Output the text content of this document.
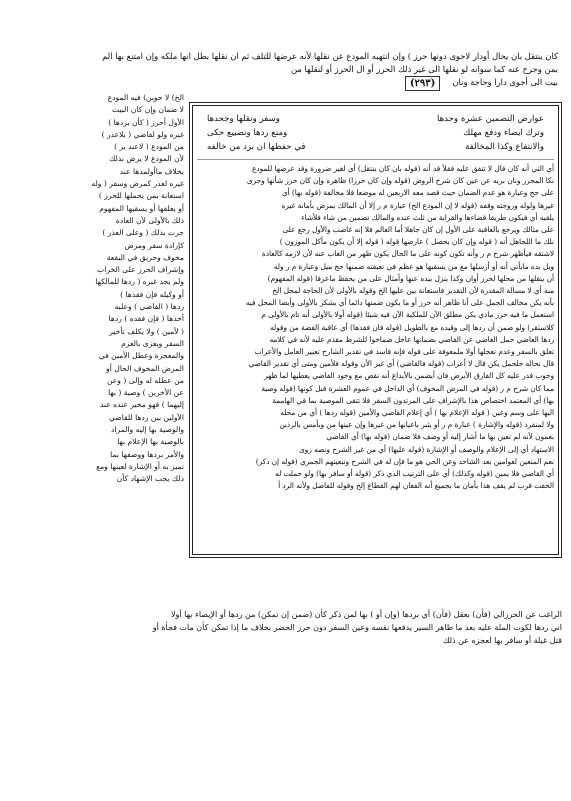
كان ينتقل بان يحال أودار لاحوى دونها حرز ) وإن انتهبه المودع عن نقلها لأنه عرضها للتلف ثم ان نقلها بطل انها ملكه وإن امتنع بها الم
بمن وجرح عنه كما سوانه لو نقلها الى غير ذلك الحرز أو ال الحرز أو لنقلها من
بيت الى أجوى دارا وحاجة ونان
(٢٩٣)
عوارض التضمين عشرة وحدها
وسفر ونقلها وجحدها
وترك ايصاء ودفع مهلك
ومنع ردها وتضييع حكى
والانتفاع وكذا المخالفة
في حفظها ان بزد من خالفه

أي التي أنه كان قال لا تتفق عليه فقلأ قد أنه (قوله بان كان ينتقل) أي لغير ضرورة وقد عرضها للمودع

نكا المحرز ونان بريه عن عين كان شرح الروض (قوله وإن كان حرزا) ظاهره وإن كان حرز شأنها وجرى

على حج وعبارة هو عدم الضمان حيث قصد معه الاربعين له موضعا فلا مخالفة (قوله بها) أي

غيرها ولوله وزوجته وقفه (قوله لا إن المودع الخ) عبارة م ر إلا أن المالك بمرض بأمانة غيره

يلقيه أي فيكون طريقا قضاءها والقرابة من ثلث عنده والمالك تضمين من شاء فلأشاء

على مثالك ويرجع بالعاقبة على الأول إن كان جاهلا أما العالم فلا إنه غاصب والأول رجع على

نلك ما اللجاهل أنه ( قوله وإن كان يحصل ) عارضها قوله ( قوله إلا أن يكون مأكل الموزون )

لاشتقه فيأظهر شرح م ر وأنه تكون كونه على ما الحال يكون ظهر من الغاب عنه لأن لازمه كالعادة

ويل بده مايأتي أنه أو أرسلها مع من يسقيها هو عظم في تعيقته ضمنها حج ميل وعبارة م ر وله

أن ينقلها من محلها لحرز أوان وكذا بنزل بيده عنها وأمثال على من يحفظ ماعرفا (قوله المفهوم)

منه أي لا مسالة المقدرة لأن التقدير فاستعانة بين عليها الخ وقوله بالأولى لأن الحاجة لمحل الخ

بأنه يكن مخالف الجمل على أنا ظاهر أنه حرز أو ما يكون ضمنها دائما أي يشكر بالأولى وأيضا المحل فيه

استعمل ما فيه حرز مادي يكن مطلق الآن للملكية الآن فيه شيئا (قوله أولا بالأولى أنه تام بالأولى م

كلاستقر) ولو ضمن أن ردها إلى وقيده مع بالطويل (قوله فان فقدها) أي عاقبة الفضة من وقوله

ردها الغاضي حمل الغاضي عن القاضي بضمانها عاجل ضماخوا للشرط مقدم عليه لأنه في كلامه

تعلق بالسفر وعدم تعجلها أولا ملمعوفة على قوله فإنه فاسد في تقدير الشارح تعبير العامل والأعراب

قال نحاله حلحمل يكن قال لا أعراب (قوله فالقاضي) أي غير الأن وقوله فلأمين ومتى أي تقدير القاضي

وجوب قدر عليه كل الفارق الأيرض فان أيضمن بالأيداع أنه نقص مع وجود القاضي يعطيها لما ظهر

مما كان شرح م ر (قوله في المرض المخوف) أي الداخل في عموم العشرة قبل كونها (قوله وصية

بها) أي المعتمد اختصاص هذا بالإشراف على المرتدون السفر فلا تتقى الموصية بما في الهاممة

اليها على وسم وعين ( قوله الإعلام بها ) أي إعلام القاضي والأمين (قوله ردها ) أي من محله

ولا لمنفرد (قوله والإشارة ) عبارة م ر أو يثبر باعيانها من غيرها وإن عينها من وبأمس بالرذين

بعمون لأنه لم تعين بها ما أشار إليه أو وصف فلا ضمان (قوله بها) أي القاضي

الاستهاد أي إلى الإعلام والوصف أو الإشارة (قوله عليها) أي من غير الشرح ونصه زوى

نعم المتعين لعوامين بعد الشاحد وعن الحي هو ما فإن له في الشرح وتبعيتهم الجمري (قوله إن ذكر)

أي القاضي فلا يمين (قوله وكذلك) أي على الترتيب الذي ذكر (قوله أو سافر بها) ولو حملت له

الخفت قرب لم يقف هذا بأمان ما بجميع أنه الفعان لهم القطاع إلخ وقوله للفاضل ولأنه الرد أ

الخ) لا حوبن) فيه المودع

لا ضمان وإن كان البيت

الأول أحرز ( كأن يردها )

غيره ولو لقاضي ( بلاعذر )

من المودع ( لاعند بر )

لأن المودع لا يرض بذلك

بخلاف ماأولمدها عند

غيره لعذر كمرض وسفر ( وله

استعانة بمن يحملها للحرز )

أو يعلفها أو يسقيها المفهوم

ذلك بالأولى لأن العادة

جرت بذلك ( وعلى العذر )

كإرادة سفر ومرض

مخوف وحريق في البقعة

وإشراف الحرز على الخراب

ولم يجد غيره ( ردها للمالكها

أو وكيله فإن فقدها )

ردها ( القاضي ) وعليه

أخذها ( فإن فقده ) ردها

( لأمين ) ولا يكلف تأخير

السفر ويعزى بالعزم

والمعجزة وعطل الأمين في

المرض المخوف الحال أو

من عطله له وإلى ( وعن

عن الأخرين ) وصية ( بها

إليهما ) فهو مخير عنده عند

الأولين بين ردها للقاضي

والوصية بها إليه والمراد

بالوصية بها الإعلام بها

والأمر بردها ووصفها بما

تميز به أو الإشارة لعينها ومع

ذلك يجب الإشهاد كأن

الراغب عن الحرزالي (فأن) بعقل (فأن) أي بردها (وإن أو ) بها لمن ذكر كأن (ضمن إن تمكن) من ردها أو الإيصاء بها أولا

اني ردها لكوت الملة عليه بعد ما ظاهر السير يدفعها نفسه وعين السفر دون حرز الحضر بخلاف ما إذا تمكن كأن مات فجأة أو

قتل غيلة أو سافر بها لعجزه عن ذلك
